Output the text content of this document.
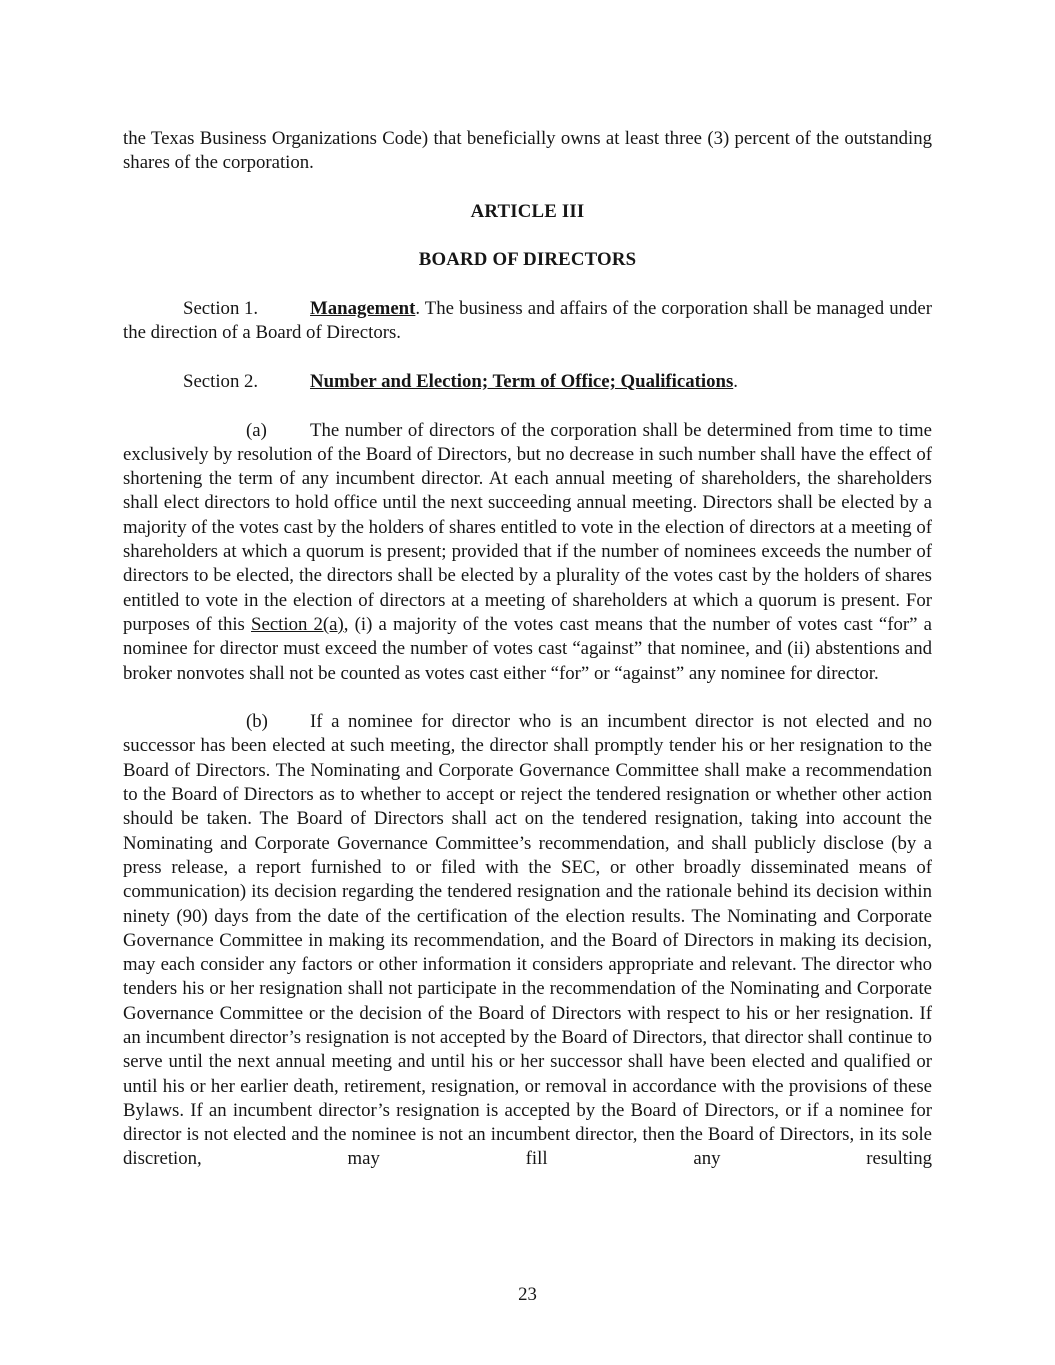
the Texas Business Organizations Code) that beneficially owns at least three (3) percent of the outstanding shares of the corporation.

ARTICLE III
BOARD OF DIRECTORS

Section 1.	Management. The business and affairs of the corporation shall be managed under the direction of a Board of Directors.

Section 2.	Number and Election; Term of Office; Qualifications.

(a) The number of directors of the corporation shall be determined from time to time exclusively by resolution of the Board of Directors, but no decrease in such number shall have the effect of shortening the term of any incumbent director. At each annual meeting of shareholders, the shareholders shall elect directors to hold office until the next succeeding annual meeting. Directors shall be elected by a majority of the votes cast by the holders of shares entitled to vote in the election of directors at a meeting of shareholders at which a quorum is present; provided that if the number of nominees exceeds the number of directors to be elected, the directors shall be elected by a plurality of the votes cast by the holders of shares entitled to vote in the election of directors at a meeting of shareholders at which a quorum is present. For purposes of this Section 2(a), (i) a majority of the votes cast means that the number of votes cast “for” a nominee for director must exceed the number of votes cast “against” that nominee, and (ii) abstentions and broker nonvotes shall not be counted as votes cast either “for” or “against” any nominee for director.

(b) If a nominee for director who is an incumbent director is not elected and no successor has been elected at such meeting, the director shall promptly tender his or her resignation to the Board of Directors. The Nominating and Corporate Governance Committee shall make a recommendation to the Board of Directors as to whether to accept or reject the tendered resignation or whether other action should be taken. The Board of Directors shall act on the tendered resignation, taking into account the Nominating and Corporate Governance Committee’s recommendation, and shall publicly disclose (by a press release, a report furnished to or filed with the SEC, or other broadly disseminated means of communication) its decision regarding the tendered resignation and the rationale behind its decision within ninety (90) days from the date of the certification of the election results. The Nominating and Corporate Governance Committee in making its recommendation, and the Board of Directors in making its decision, may each consider any factors or other information it considers appropriate and relevant. The director who tenders his or her resignation shall not participate in the recommendation of the Nominating and Corporate Governance Committee or the decision of the Board of Directors with respect to his or her resignation. If an incumbent director’s resignation is not accepted by the Board of Directors, that director shall continue to serve until the next annual meeting and until his or her successor shall have been elected and qualified or until his or her earlier death, retirement, resignation, or removal in accordance with the provisions of these Bylaws. If an incumbent director’s resignation is accepted by the Board of Directors, or if a nominee for director is not elected and the nominee is not an incumbent director, then the Board of Directors, in its sole discretion, may fill any resulting

23
